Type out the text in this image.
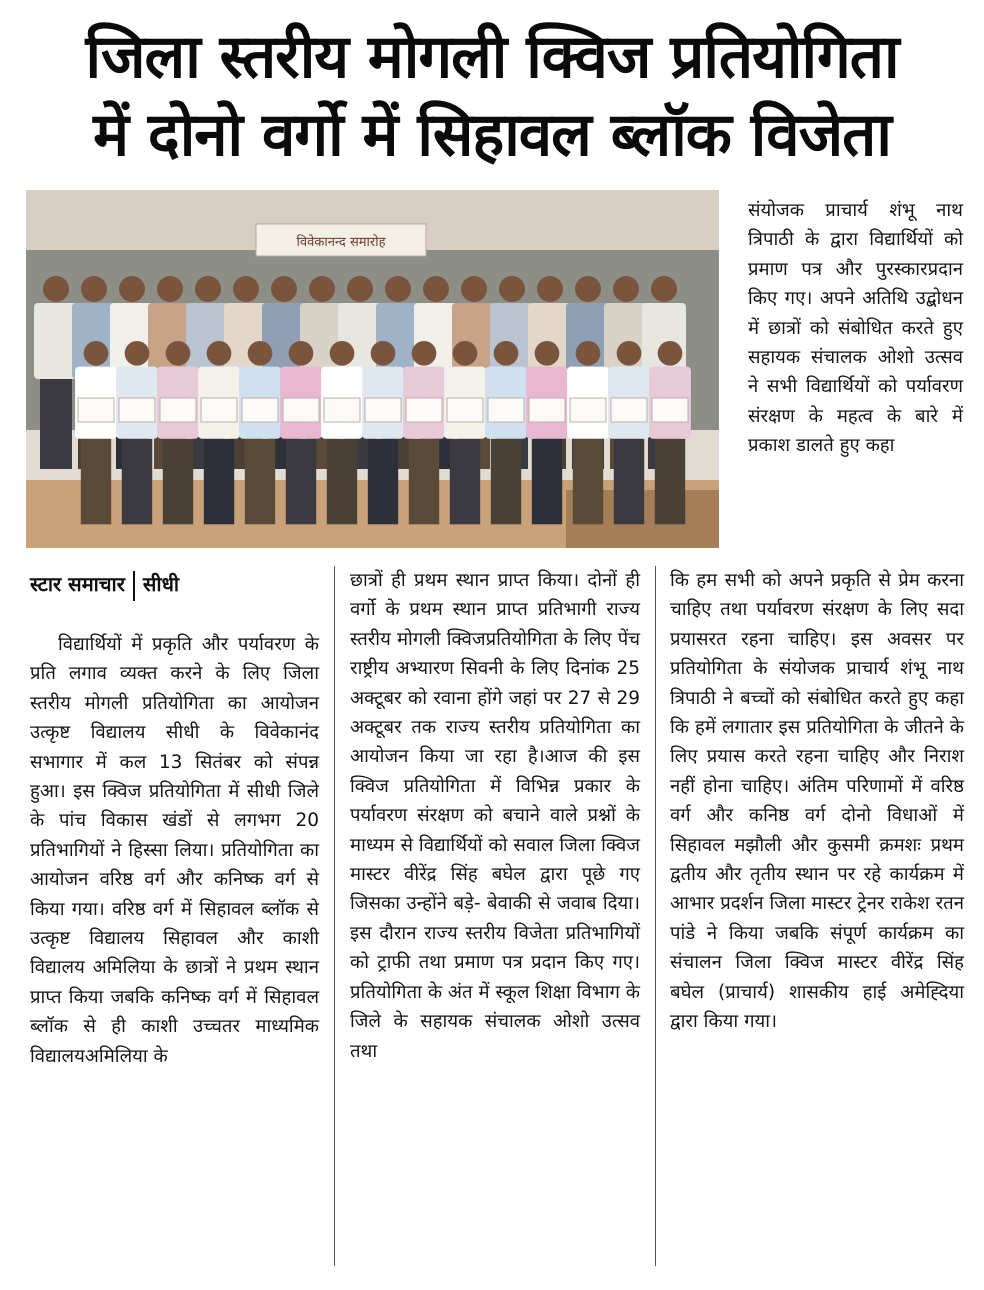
जिला स्तरीय मोगली क्विज प्रतियोगिता
में दोनो वर्गो में सिहावल ब्लॉक विजेता
विवेकानन्द समारोह

संयोजक प्राचार्य शंभू नाथ त्रिपाठी के द्वारा विद्यार्थियों को प्रमाण पत्र और पुरस्कारप्रदान किए गए। अपने अतिथि उद्बोधन में छात्रों को संबोधित करते हुए सहायक संचालक ओशो उत्सव ने सभी विद्यार्थियों को पर्यावरण संरक्षण के महत्व के बारे में प्रकाश डालते हुए कहा

स्टार समाचार सीधी

विद्यार्थियों में प्रकृति और पर्यावरण के प्रति लगाव व्यक्त करने के लिए जिला स्तरीय मोगली प्रतियोगिता का आयोजन उत्कृष्ट विद्यालय सीधी के विवेकानंद सभागार में कल 13 सितंबर को संपन्न हुआ। इस क्विज प्रतियोगिता में सीधी जिले के पांच विकास खंडों से लगभग 20 प्रतिभागियों ने हिस्सा लिया। प्रतियोगिता का आयोजन वरिष्ठ वर्ग और कनिष्क वर्ग से किया गया। वरिष्ठ वर्ग में सिहावल ब्लॉक से उत्कृष्ट विद्यालय सिहावल और काशी विद्यालय अमिलिया के छात्रों ने प्रथम स्थान प्राप्त किया जबकि कनिष्क वर्ग में सिहावल ब्लॉक से ही काशी उच्चतर माध्यमिक विद्यालयअमिलिया के

छात्रों ही प्रथम स्थान प्राप्त किया। दोनों ही वर्गो के प्रथम स्थान प्राप्त प्रतिभागी राज्य स्तरीय मोगली क्विजप्रतियोगिता के लिए पेंच राष्ट्रीय अभ्यारण सिवनी के लिए दिनांक 25 अक्टूबर को रवाना होंगे जहां पर 27 से 29 अक्टूबर तक राज्य स्तरीय प्रतियोगिता का आयोजन किया जा रहा है।आज की इस क्विज प्रतियोगिता में विभिन्न प्रकार के पर्यावरण संरक्षण को बचाने वाले प्रश्नों के माध्यम से विद्यार्थियों को सवाल जिला क्विज मास्टर वीरेंद्र सिंह बघेल द्वारा पूछे गए जिसका उन्होंने बड़े- बेवाकी से जवाब दिया। इस दौरान राज्य स्तरीय विजेता प्रतिभागियों को ट्राफी तथा प्रमाण पत्र प्रदान किए गए। प्रतियोगिता के अंत में स्कूल शिक्षा विभाग के जिले के सहायक संचालक ओशो उत्सव तथा

कि हम सभी को अपने प्रकृति से प्रेम करना चाहिए तथा पर्यावरण संरक्षण के लिए सदा प्रयासरत रहना चाहिए। इस अवसर पर प्रतियोगिता के संयोजक प्राचार्य शंभू नाथ त्रिपाठी ने बच्चों को संबोधित करते हुए कहा कि हमें लगातार इस प्रतियोगिता के जीतने के लिए प्रयास करते रहना चाहिए और निराश नहीं होना चाहिए। अंतिम परिणामों में वरिष्ठ वर्ग और कनिष्ठ वर्ग दोनो विधाओं में सिहावल मझौली और कुसमी क्रमशः प्रथम द्वतीय और तृतीय स्थान पर रहे कार्यक्रम में आभार प्रदर्शन जिला मास्टर ट्रेनर राकेश रतन पांडे ने किया जबकि संपूर्ण कार्यक्रम का संचालन जिला क्विज मास्टर वीरेंद्र सिंह बघेल (प्राचार्य) शासकीय हाई अमेह्दिया द्वारा किया गया।
